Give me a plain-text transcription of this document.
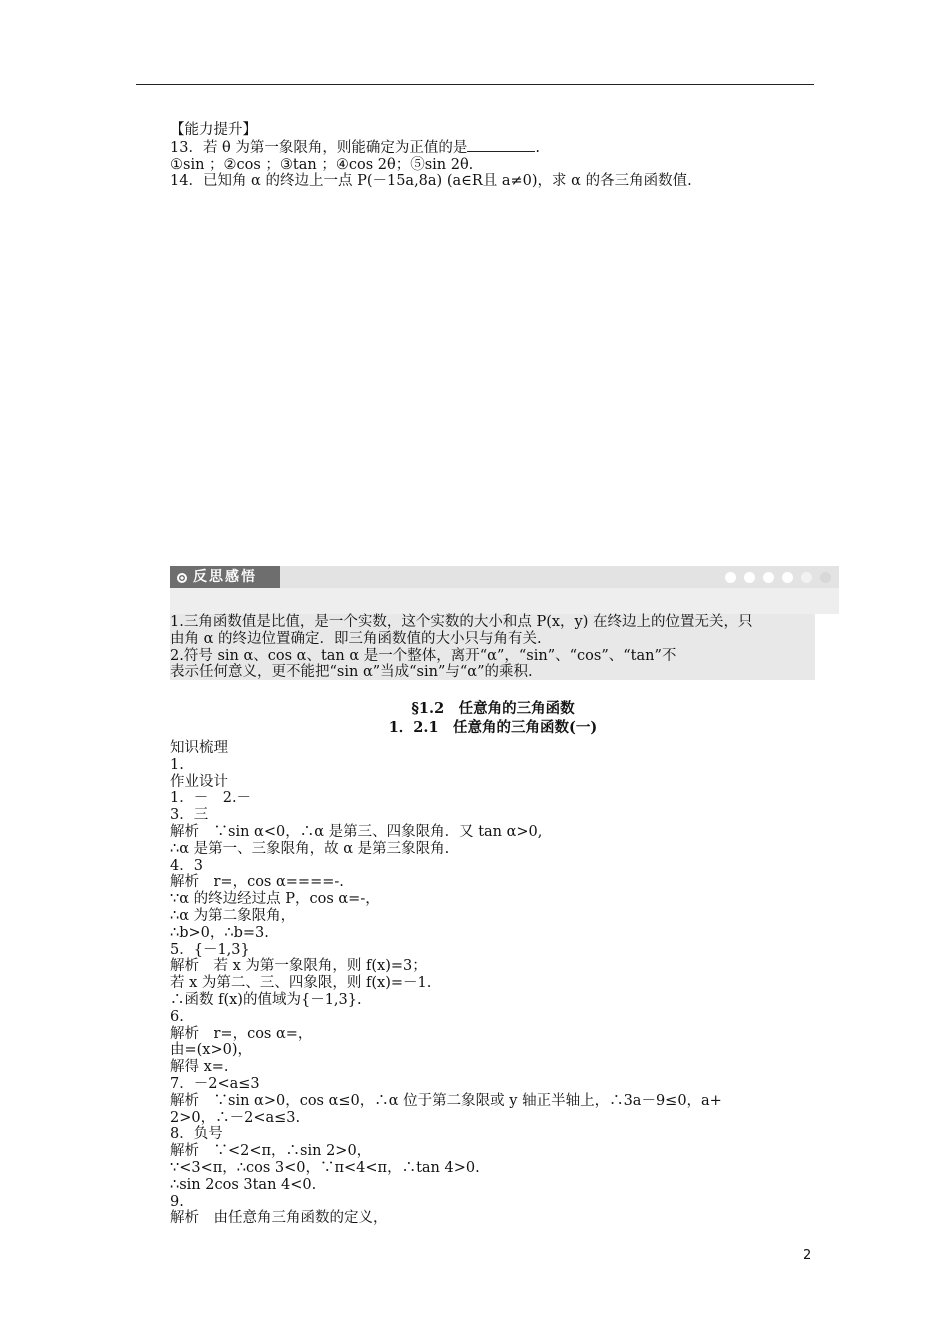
【能力提升】
13．若 θ 为第一象限角，则能确定为正值的是	.
①sin ；②cos ；③tan ；④cos 2θ；⑤sin 2θ.
14．已知角 α 的终边上一点 P(－15a,8a) (a∈R且 a≠0)，求 α 的各三角函数值.
反思感悟
1.三角函数值是比值，是一个实数，这个实数的大小和点 P(x，y) 在终边上的位置无关，只
由角 α 的终边位置确定．即三角函数值的大小只与角有关.
2.符号 sin α、cos α、tan α 是一个整体，离开“α”，“sin”、“cos”、“tan”不
表示任何意义，更不能把“sin α”当成“sin”与“α”的乘积.
§1.2　任意角的三角函数
1．2.1　任意角的三角函数(一)
知识梳理
1.
作业设计
1．－　2.－
3．三
解析　∵sin α<0，∴α 是第三、四象限角．又 tan α>0,
∴α 是第一、三象限角，故 α 是第三象限角.
4．3
解析　r=，cos α====-.
∵α 的终边经过点 P，cos α=-，
∴α 为第二象限角，
∴b>0，∴b=3.
5．{－1,3}
解析　若 x 为第一象限角，则 f(x)=3；
若 x 为第二、三、四象限，则 f(x)=－1.
∴函数 f(x)的值域为{－1,3}.
6.
解析　r=，cos α=，
由=(x>0)，
解得 x=.
7．－2<a≤3
解析　∵sin α>0，cos α≤0，∴α 位于第二象限或 y 轴正半轴上，∴3a－9≤0，a+
2>0，∴－2<a≤3.
8．负号
解析　∵<2<π，∴sin 2>0，
∵<3<π，∴cos 3<0，∵π<4<π，∴tan 4>0.
∴sin 2cos 3tan 4<0.
9.
解析　由任意角三角函数的定义，
2
